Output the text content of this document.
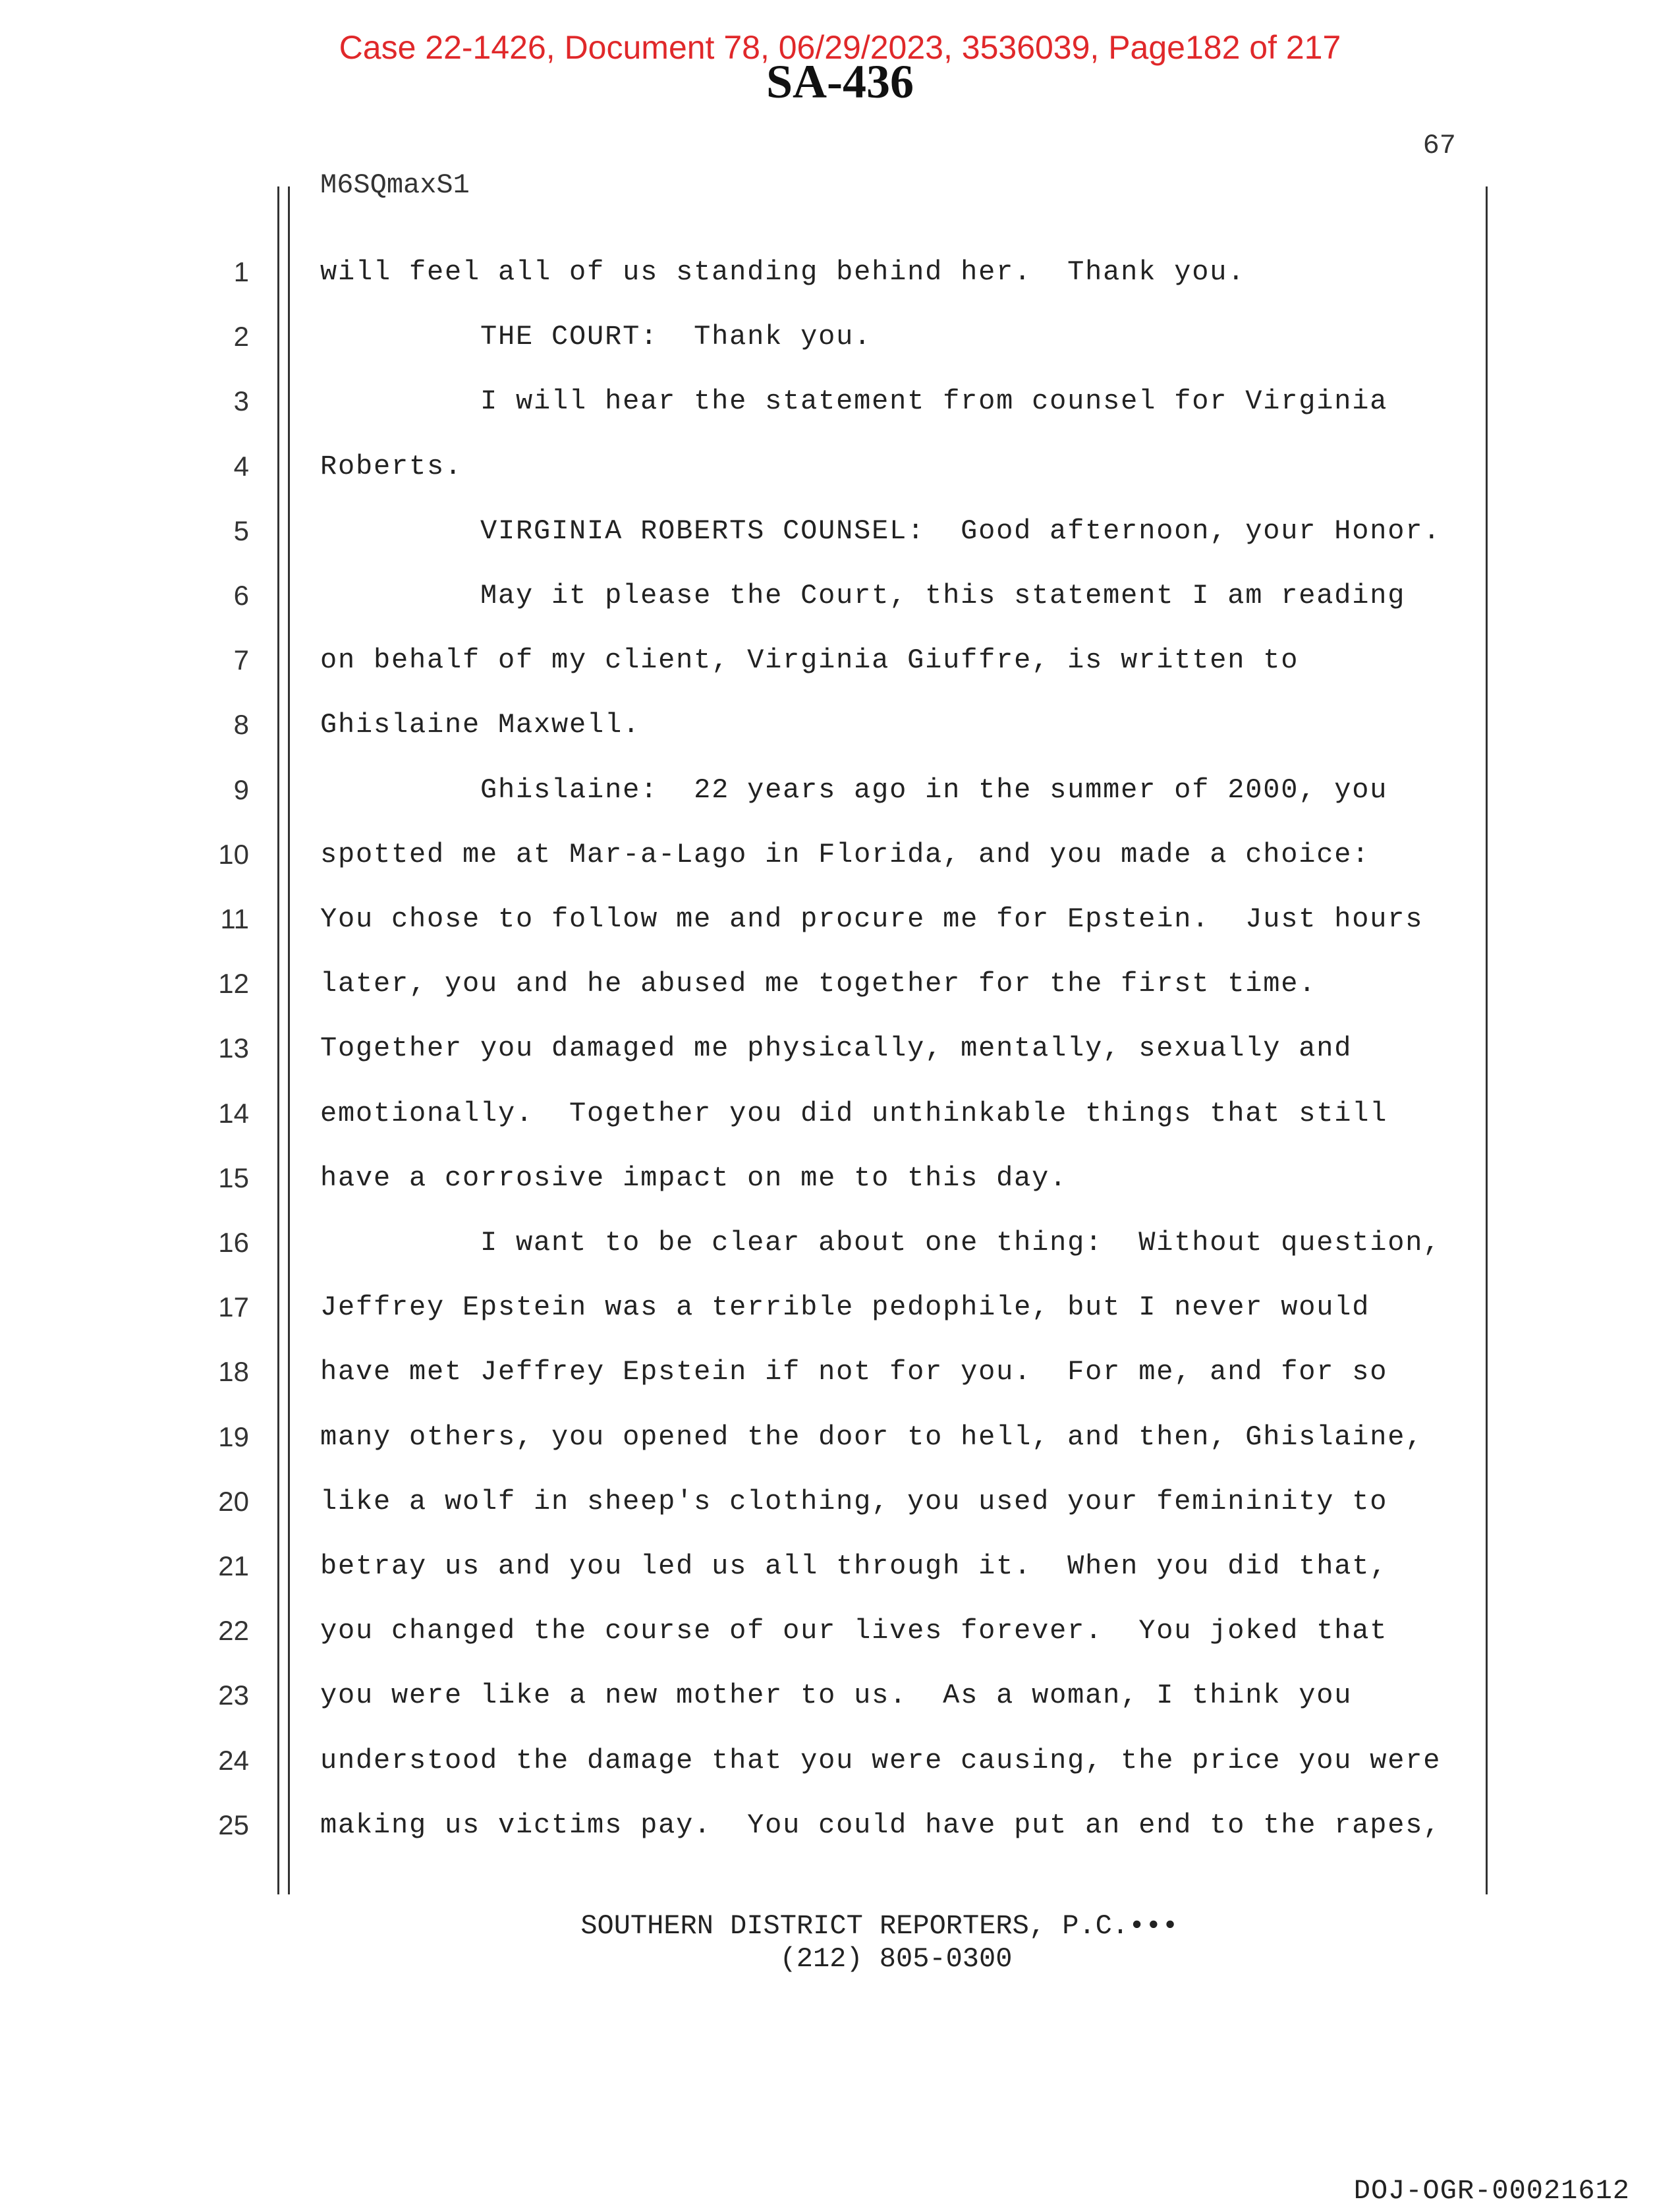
Case 22-1426, Document 78, 06/29/2023, 3536039, Page182 of 217
SA-436
67
M6SQmaxS1
1	will feel all of us standing behind her.  Thank you.
2	THE COURT:  Thank you.
3	I will hear the statement from counsel for Virginia
4	Roberts.
5	VIRGINIA ROBERTS COUNSEL:  Good afternoon, your Honor.
6	May it please the Court, this statement I am reading
7	on behalf of my client, Virginia Giuffre, is written to
8	Ghislaine Maxwell.
9	Ghislaine:  22 years ago in the summer of 2000, you
10	spotted me at Mar-a-Lago in Florida, and you made a choice:
11	You chose to follow me and procure me for Epstein.  Just hours
12	later, you and he abused me together for the first time.
13	Together you damaged me physically, mentally, sexually and
14	emotionally.  Together you did unthinkable things that still
15	have a corrosive impact on me to this day.
16	I want to be clear about one thing:  Without question,
17	Jeffrey Epstein was a terrible pedophile, but I never would
18	have met Jeffrey Epstein if not for you.  For me, and for so
19	many others, you opened the door to hell, and then, Ghislaine,
20	like a wolf in sheep's clothing, you used your femininity to
21	betray us and you led us all through it.  When you did that,
22	you changed the course of our lives forever.  You joked that
23	you were like a new mother to us.  As a woman, I think you
24	understood the damage that you were causing, the price you were
25	making us victims pay.  You could have put an end to the rapes,
SOUTHERN DISTRICT REPORTERS, P.C.•••
(212) 805-0300
DOJ-OGR-00021612
